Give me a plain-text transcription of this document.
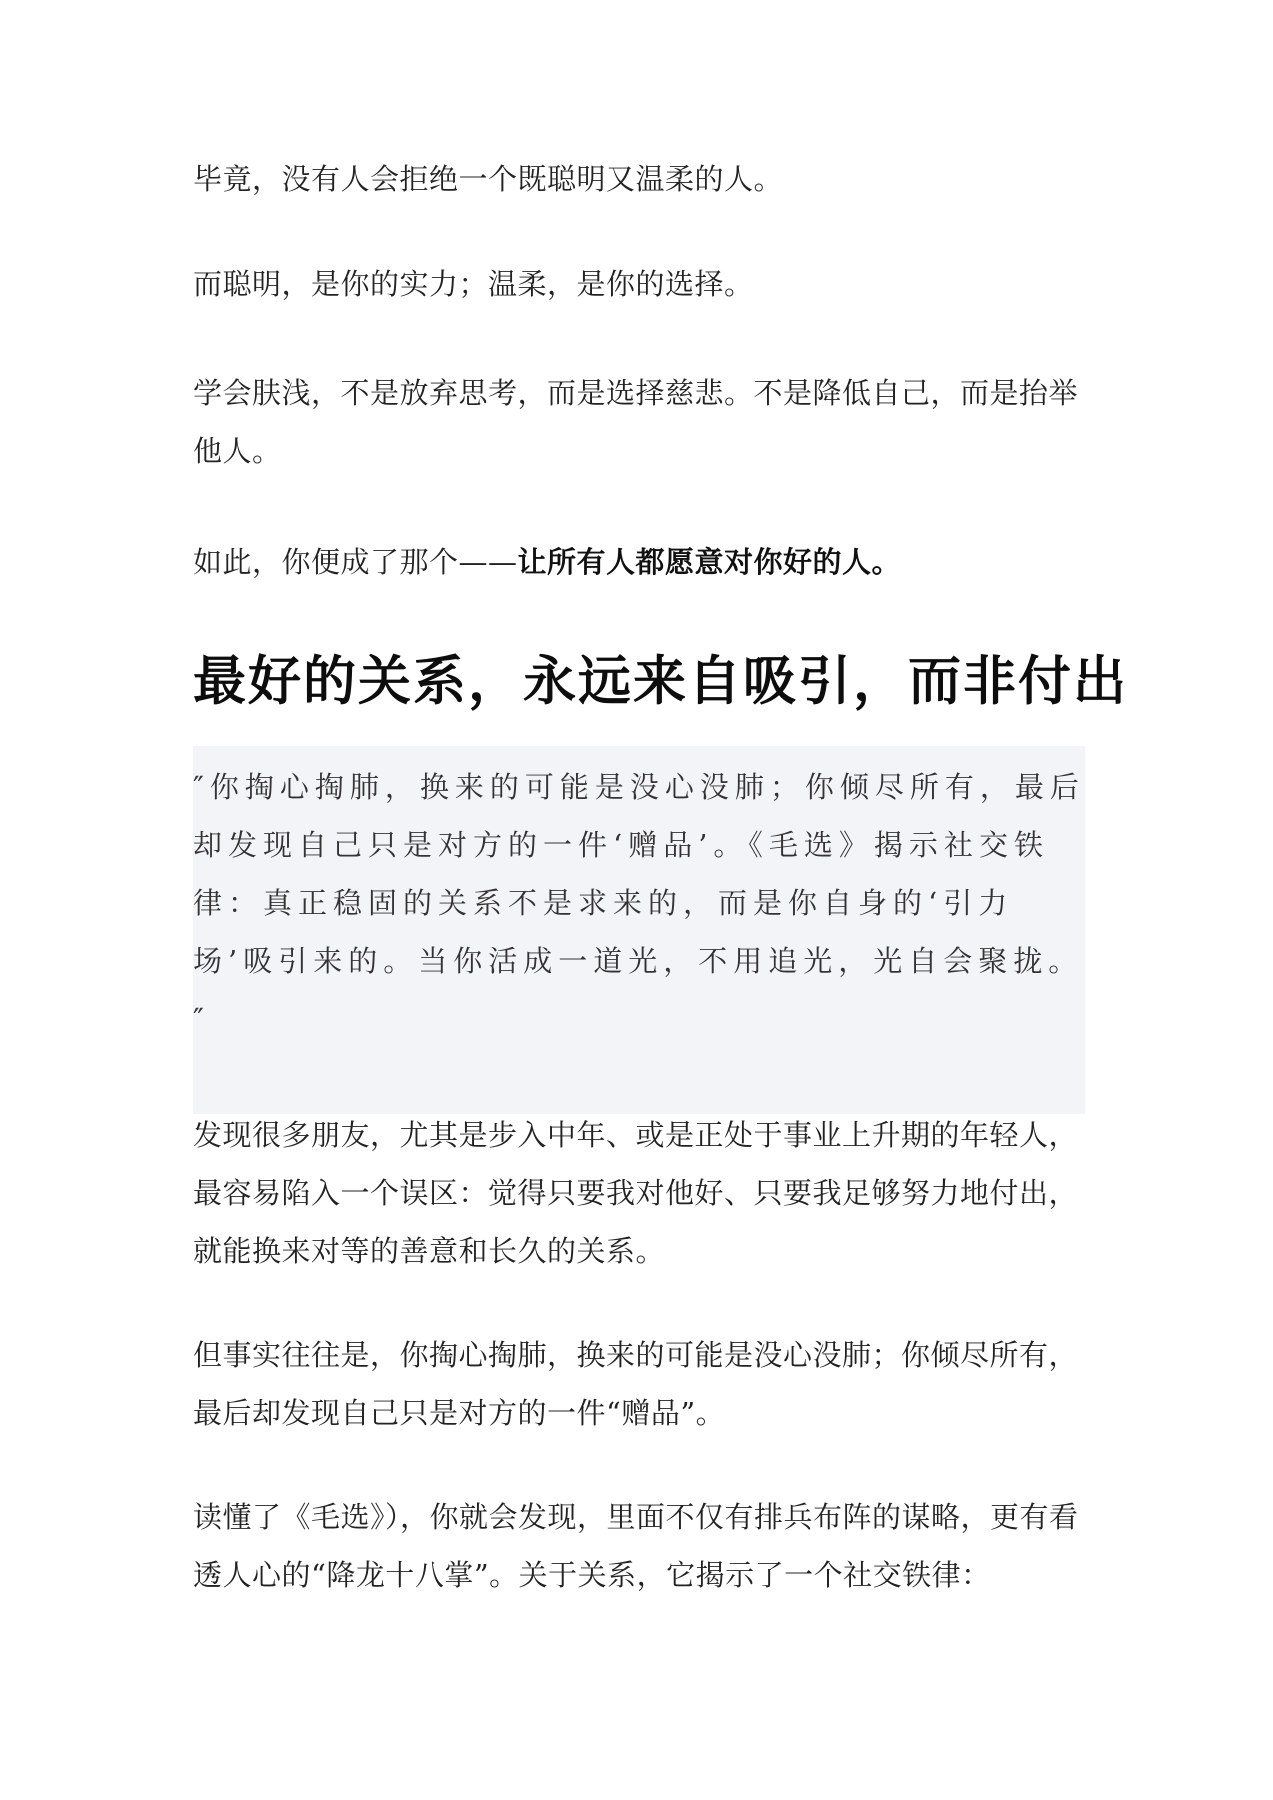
毕竟，没有人会拒绝一个既聪明又温柔的人。

而聪明，是你的实力；温柔，是你的选择。

学会肤浅，不是放弃思考，而是选择慈悲。不是降低自己，而是抬举他人。

如此，你便成了那个——让所有人都愿意对你好的人。

最好的关系，永远来自吸引，而非付出

″你掏心掏肺，换来的可能是没心没肺；你倾尽所有，最后却发现自己只是对方的一件‘赠品’。《毛选》揭示社交铁律：真正稳固的关系不是求来的，而是你自身的‘引力场’吸引来的。当你活成一道光，不用追光，光自会聚拢。″

发现很多朋友，尤其是步入中年、或是正处于事业上升期的年轻人，最容易陷入一个误区：觉得只要我对他好、只要我足够努力地付出，就能换来对等的善意和长久的关系。

但事实往往是，你掏心掏肺，换来的可能是没心没肺；你倾尽所有，最后却发现自己只是对方的一件“赠品”。

读懂了《毛选》），你就会发现，里面不仅有排兵布阵的谋略，更有看透人心的“降龙十八掌”。关于关系，它揭示了一个社交铁律：
